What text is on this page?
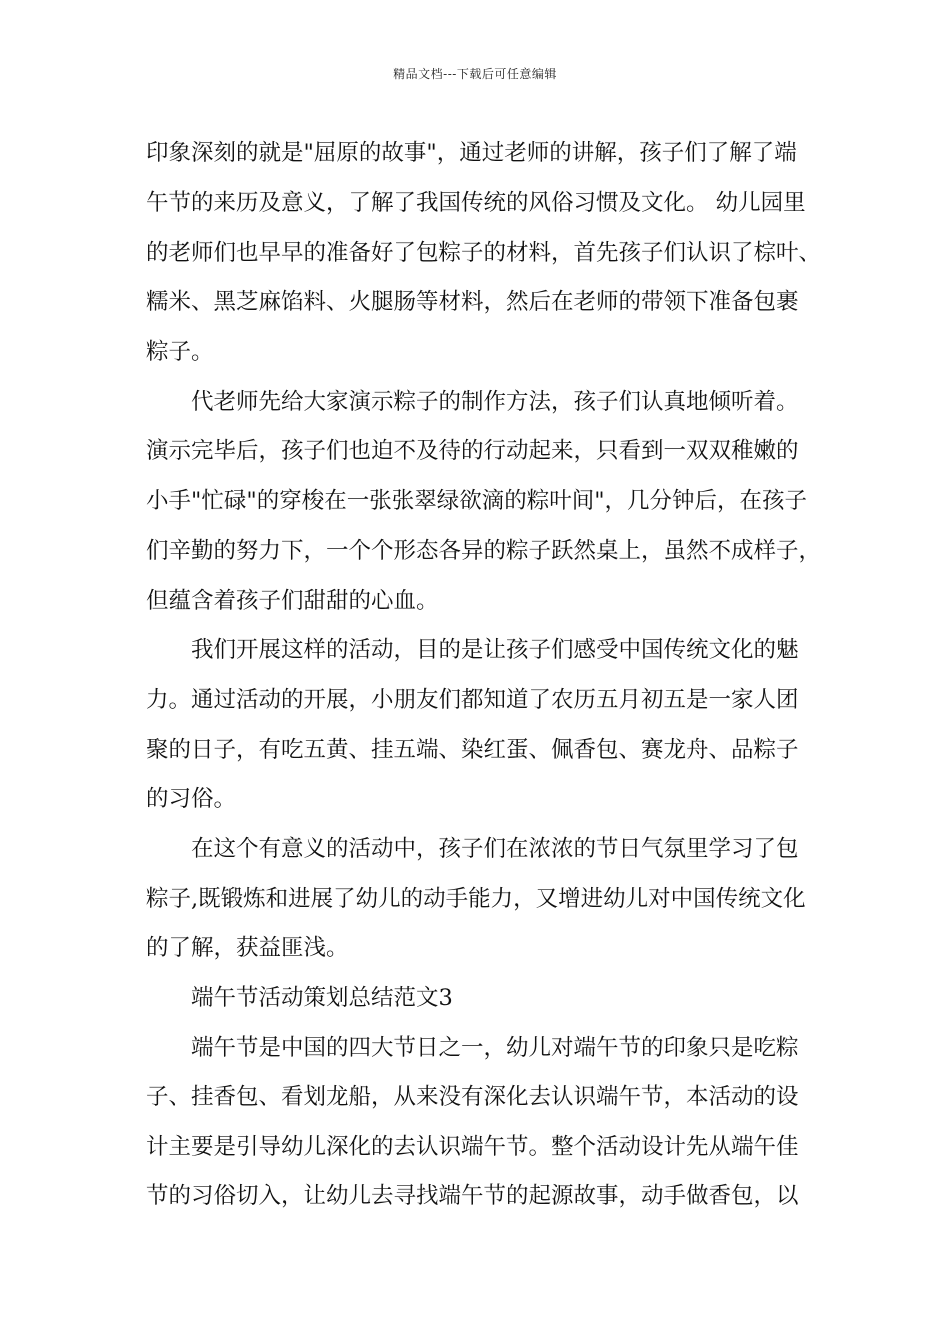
精品文档---下载后可任意编辑
印象深刻的就是"屈原的故事"，通过老师的讲解，孩子们了解了端
午节的来历及意义，了解了我国传统的风俗习惯及文化。 幼儿园里
的老师们也早早的准备好了包粽子的材料，首先孩子们认识了棕叶、
糯米、黑芝麻馅料、火腿肠等材料，然后在老师的带领下准备包裹
粽子。
代老师先给大家演示粽子的制作方法，孩子们认真地倾听着。
演示完毕后，孩子们也迫不及待的行动起来，只看到一双双稚嫩的
小手"忙碌"的穿梭在一张张翠绿欲滴的粽叶间"，几分钟后，在孩子
们辛勤的努力下，一个个形态各异的粽子跃然桌上，虽然不成样子，
但蕴含着孩子们甜甜的心血。
我们开展这样的活动，目的是让孩子们感受中国传统文化的魅
力。通过活动的开展，小朋友们都知道了农历五月初五是一家人团
聚的日子，有吃五黄、挂五端、染红蛋、佩香包、赛龙舟、品粽子
的习俗。
在这个有意义的活动中，孩子们在浓浓的节日气氛里学习了包
粽子,既锻炼和进展了幼儿的动手能力，又增进幼儿对中国传统文化
的了解，获益匪浅。
端午节活动策划总结范文3
端午节是中国的四大节日之一，幼儿对端午节的印象只是吃粽
子、挂香包、看划龙船，从来没有深化去认识端午节，本活动的设
计主要是引导幼儿深化的去认识端午节。整个活动设计先从端午佳
节的习俗切入，让幼儿去寻找端午节的起源故事，动手做香包，以
